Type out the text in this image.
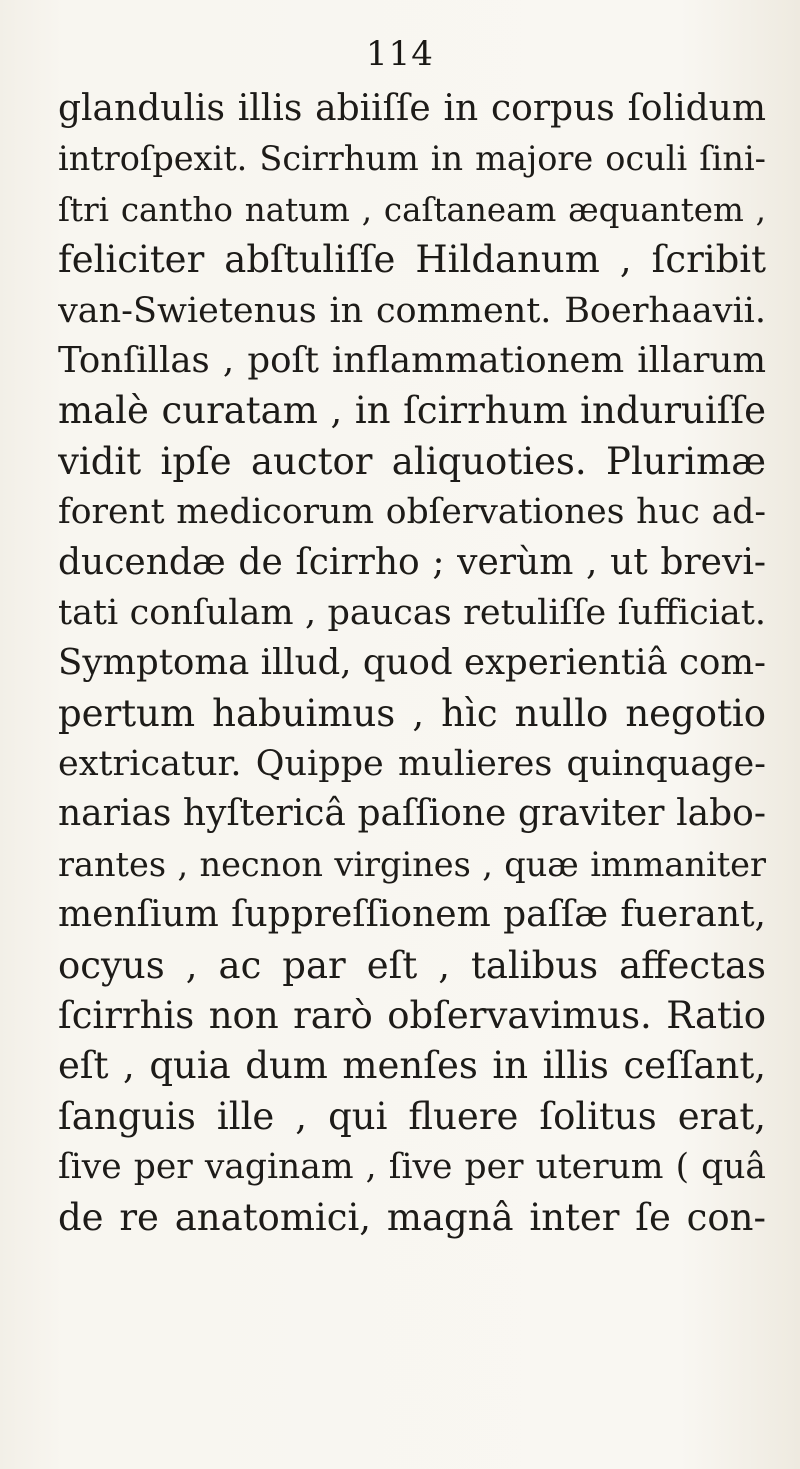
114
glandulis illis abiiſſe in corpus ſolidum
introſpexit. Scirrhum in majore oculi ſini-
ſtri cantho natum , caſtaneam æquantem ,
feliciter abſtuliſſe Hildanum , ſcribit
van-Swietenus in comment. Boerhaavii.
Tonſillas , poſt inflammationem illarum
malè curatam , in ſcirrhum induruiſſe
vidit ipſe auctor aliquoties. Plurimæ
forent medicorum obſervationes huc ad-
ducendæ de ſcirrho ; verùm , ut brevi-
tati conſulam , paucas retuliſſe ſufficiat.
Symptoma illud, quod experientiâ com-
pertum habuimus , hìc nullo negotio
extricatur. Quippe mulieres quinquage-
narias hyſtericâ paſſione graviter labo-
rantes , necnon virgines , quæ immaniter
menſium ſuppreſſionem paſſæ fuerant,
ocyus , ac par eſt , talibus affectas
ſcirrhis non rarò obſervavimus. Ratio
eſt , quia dum menſes in illis ceſſant,
ſanguis ille , qui fluere ſolitus erat,
ſive per vaginam , ſive per uterum ( quâ
de re anatomici, magnâ inter ſe con-
